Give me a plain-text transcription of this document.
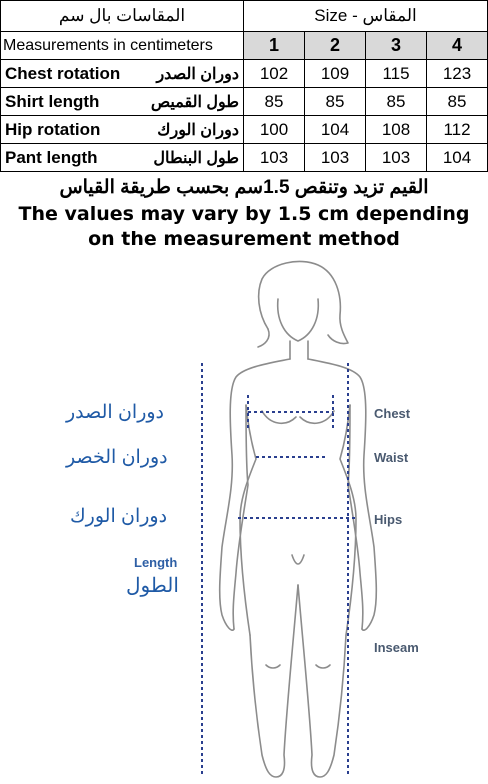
المقاسات بال سم	Size - المقاس			
Measurements in centimeters	1	2	3	4

Chest rotation دوران الصدر	102	109	115	123

Shirt length طول القميص	85	85	85	85

Hip rotation دوران الورك	100	104	108	112

Pant length طول البنطال	103	103	103	104
القيم تزيد وتنقص 1.5سم بحسب طريقة القياس
The values may vary by 1.5 cm depending
on the measurement method
دوران الصدر
دوران الخصر
دوران الورك
Length
الطول
Chest
Waist
Hips
Inseam
